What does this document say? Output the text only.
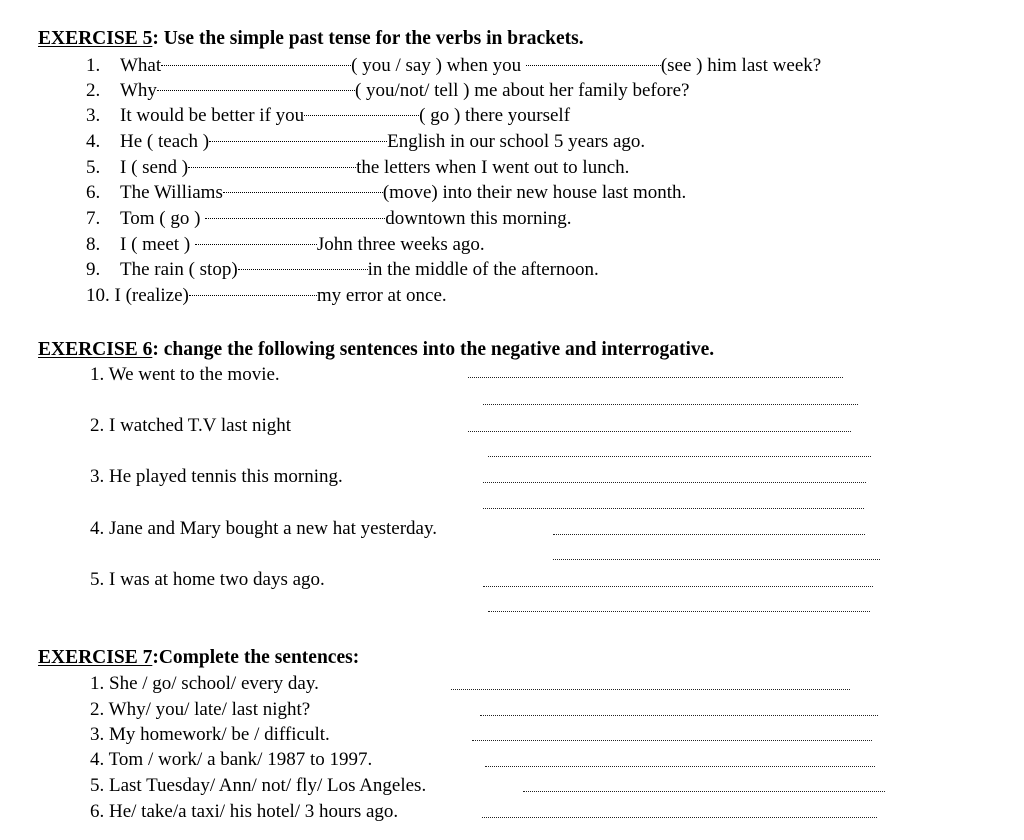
EXERCISE 5: Use the simple past tense for the verbs in brackets.
1. What	( you / say ) when you	(see ) him last week?
2. Why	( you/not/ tell ) me about her family before?
3. It would be better if you	( go ) there yourself
4. He ( teach )	English in our school 5 years ago.
5. I ( send )	the letters when I went out to lunch.
6. The Williams	(move) into their new house last month.
7. Tom ( go )	downtown this morning.
8. I ( meet )	John three weeks ago.
9. The rain ( stop)	in the middle of the afternoon.
10. I (realize)	my error at once.
EXERCISE 6: change the following sentences into the negative and interrogative.
1. We went to the movie.
2. I watched T.V last night
3. He played tennis this morning.
4. Jane and Mary bought a new hat yesterday.
5. I was at home two days ago.
EXERCISE 7:Complete the sentences:
1. She / go/ school/ every day.
2. Why/ you/ late/ last night?
3. My homework/ be / difficult.
4. Tom / work/ a bank/ 1987 to 1997.
5. Last Tuesday/ Ann/ not/ fly/ Los Angeles.
6. He/ take/a taxi/ his hotel/ 3 hours ago.
